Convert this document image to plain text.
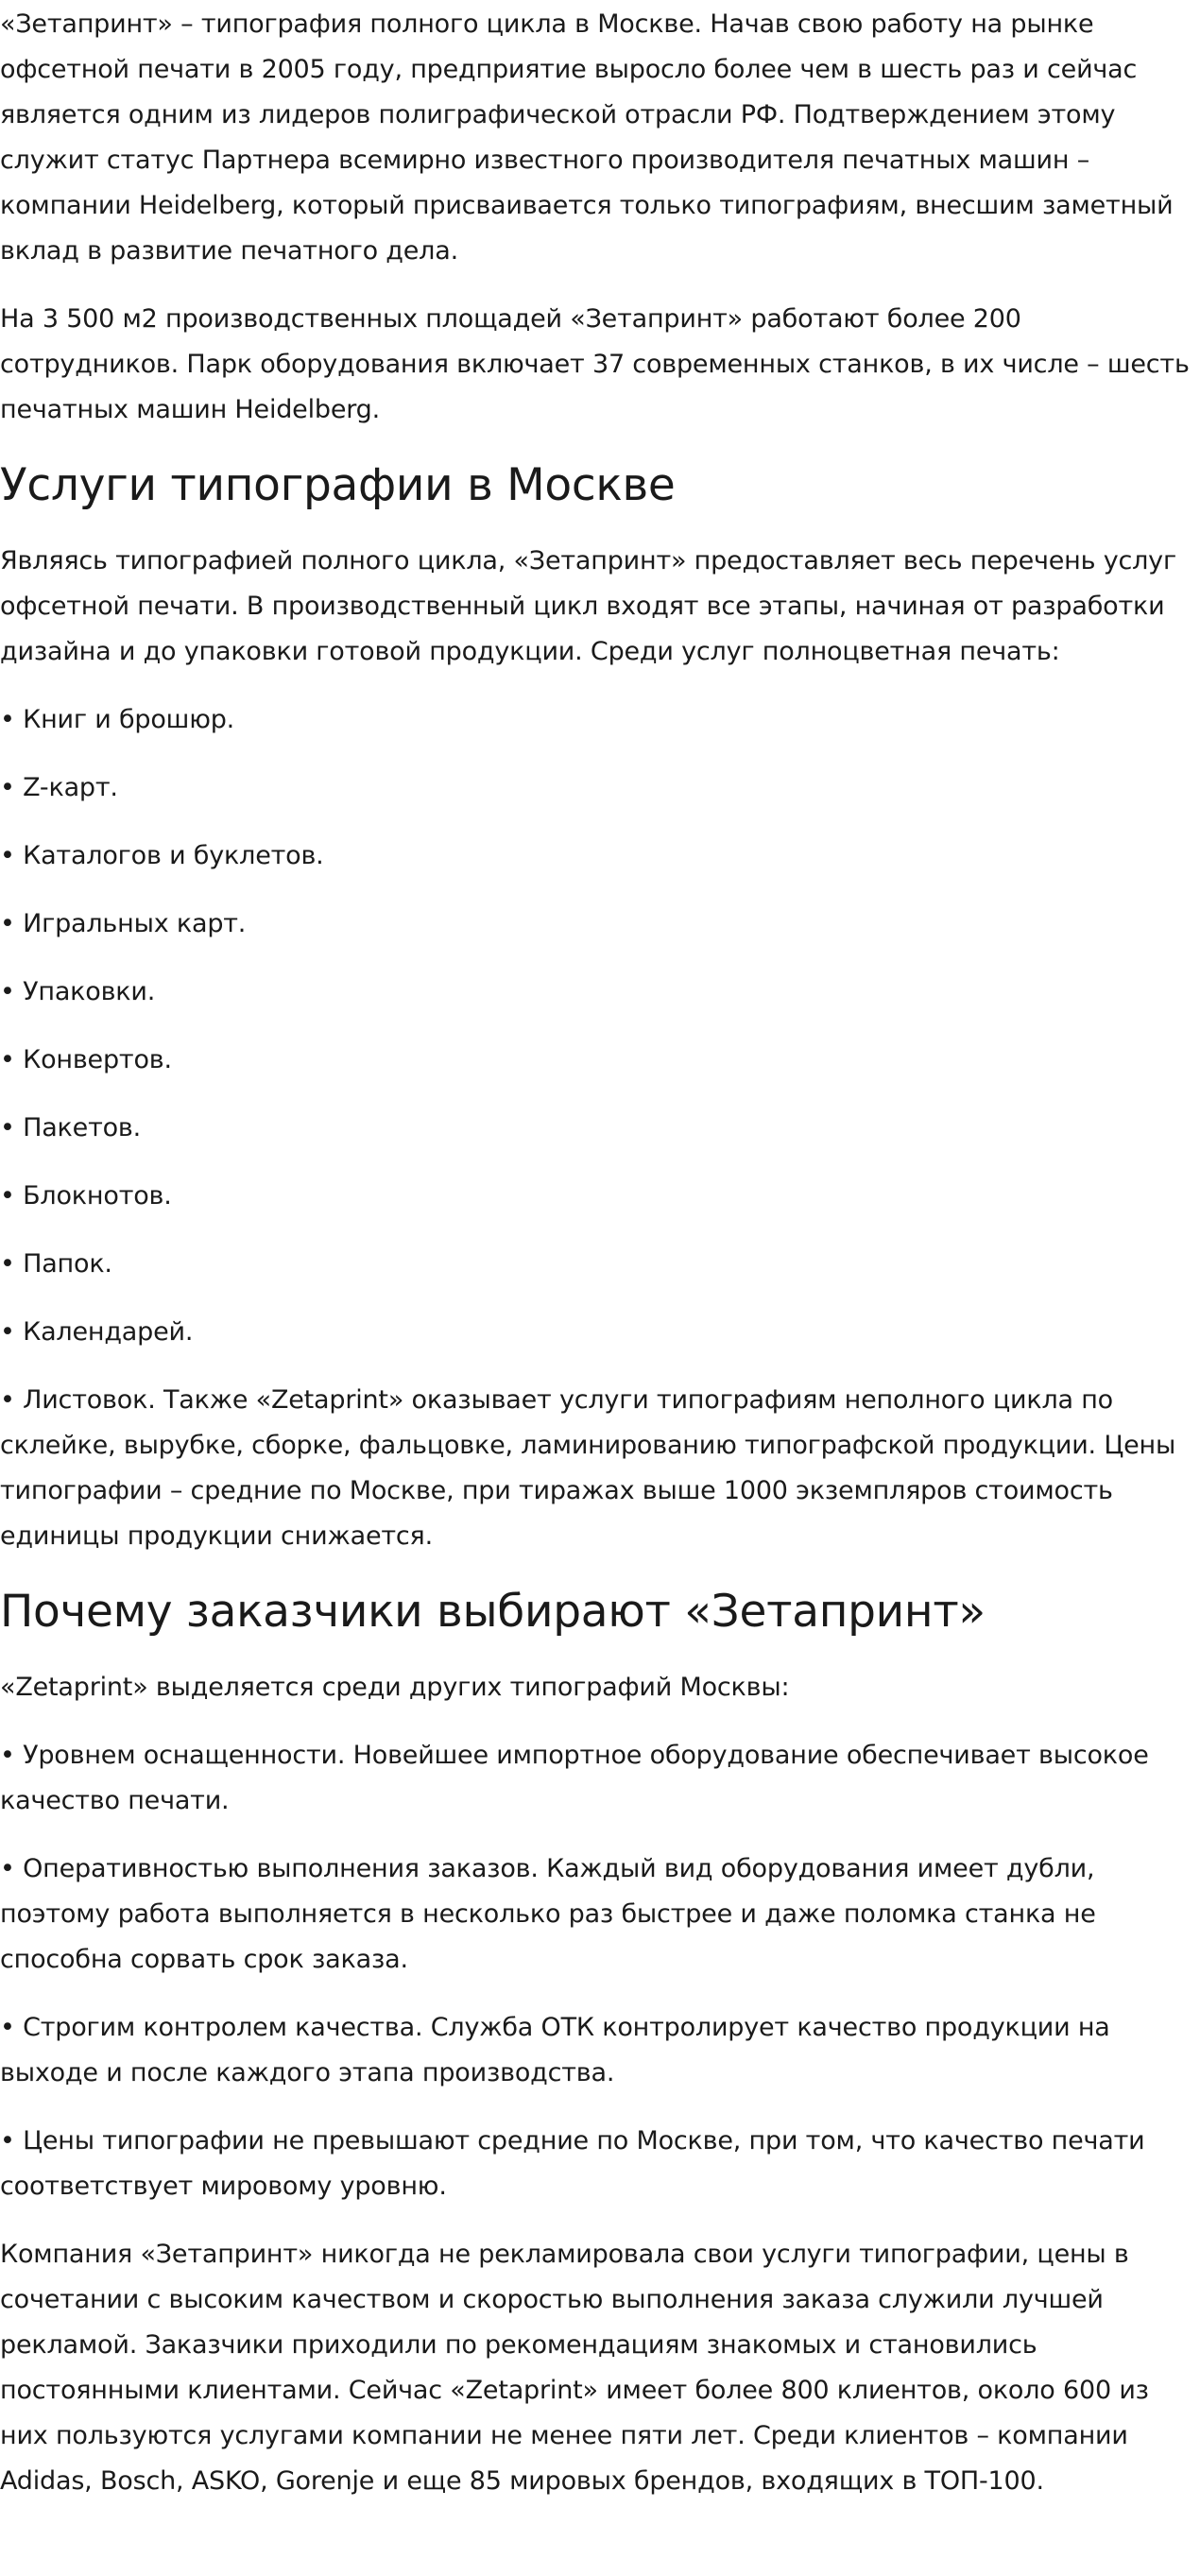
«Зетапринт» – типография полного цикла в Москве. Начав свою работу на рынке офсетной печати в 2005 году, предприятие выросло более чем в шесть раз и сейчас является одним из лидеров полиграфической отрасли РФ. Подтверждением этому служит статус Партнера всемирно известного производителя печатных машин – компании Heidelberg, который присваивается только типографиям, внесшим заметный вклад в развитие печатного дела.

На 3 500 м2 производственных площадей «Зетапринт» работают более 200 сотрудников. Парк оборудования включает 37 современных станков, в их числе – шесть печатных машин Heidelberg.

Услуги типографии в Москве

Являясь типографией полного цикла, «Зетапринт» предоставляет весь перечень услуг офсетной печати. В производственный цикл входят все этапы, начиная от разработки дизайна и до упаковки готовой продукции. Среди услуг полноцветная печать:

• Книг и брошюр.

• Z-карт.

• Каталогов и буклетов.

• Игральных карт.

• Упаковки.

• Конвертов.

• Пакетов.

• Блокнотов.

• Папок.

• Календарей.

• Листовок. Также «Zetaprint» оказывает услуги типографиям неполного цикла по склейке, вырубке, сборке, фальцовке, ламинированию типографской продукции. Цены типографии – средние по Москве, при тиражах выше 1000 экземпляров стоимость единицы продукции снижается.

Почему заказчики выбирают «Зетапринт»

«Zetaprint» выделяется среди других типографий Москвы:

• Уровнем оснащенности. Новейшее импортное оборудование обеспечивает высокое качество печати.

• Оперативностью выполнения заказов. Каждый вид оборудования имеет дубли, поэтому работа выполняется в несколько раз быстрее и даже поломка станка не способна сорвать срок заказа.

• Строгим контролем качества. Служба ОТК контролирует качество продукции на выходе и после каждого этапа производства.

• Цены типографии не превышают средние по Москве, при том, что качество печати соответствует мировому уровню.

Компания «Зетапринт» никогда не рекламировала свои услуги типографии, цены в сочетании с высоким качеством и скоростью выполнения заказа служили лучшей рекламой. Заказчики приходили по рекомендациям знакомых и становились постоянными клиентами. Сейчас «Zetaprint» имеет более 800 клиентов, около 600 из них пользуются услугами компании не менее пяти лет. Среди клиентов – компании Adidas, Bosch, ASKO, Gorenje и еще 85 мировых брендов, входящих в ТОП-100.
